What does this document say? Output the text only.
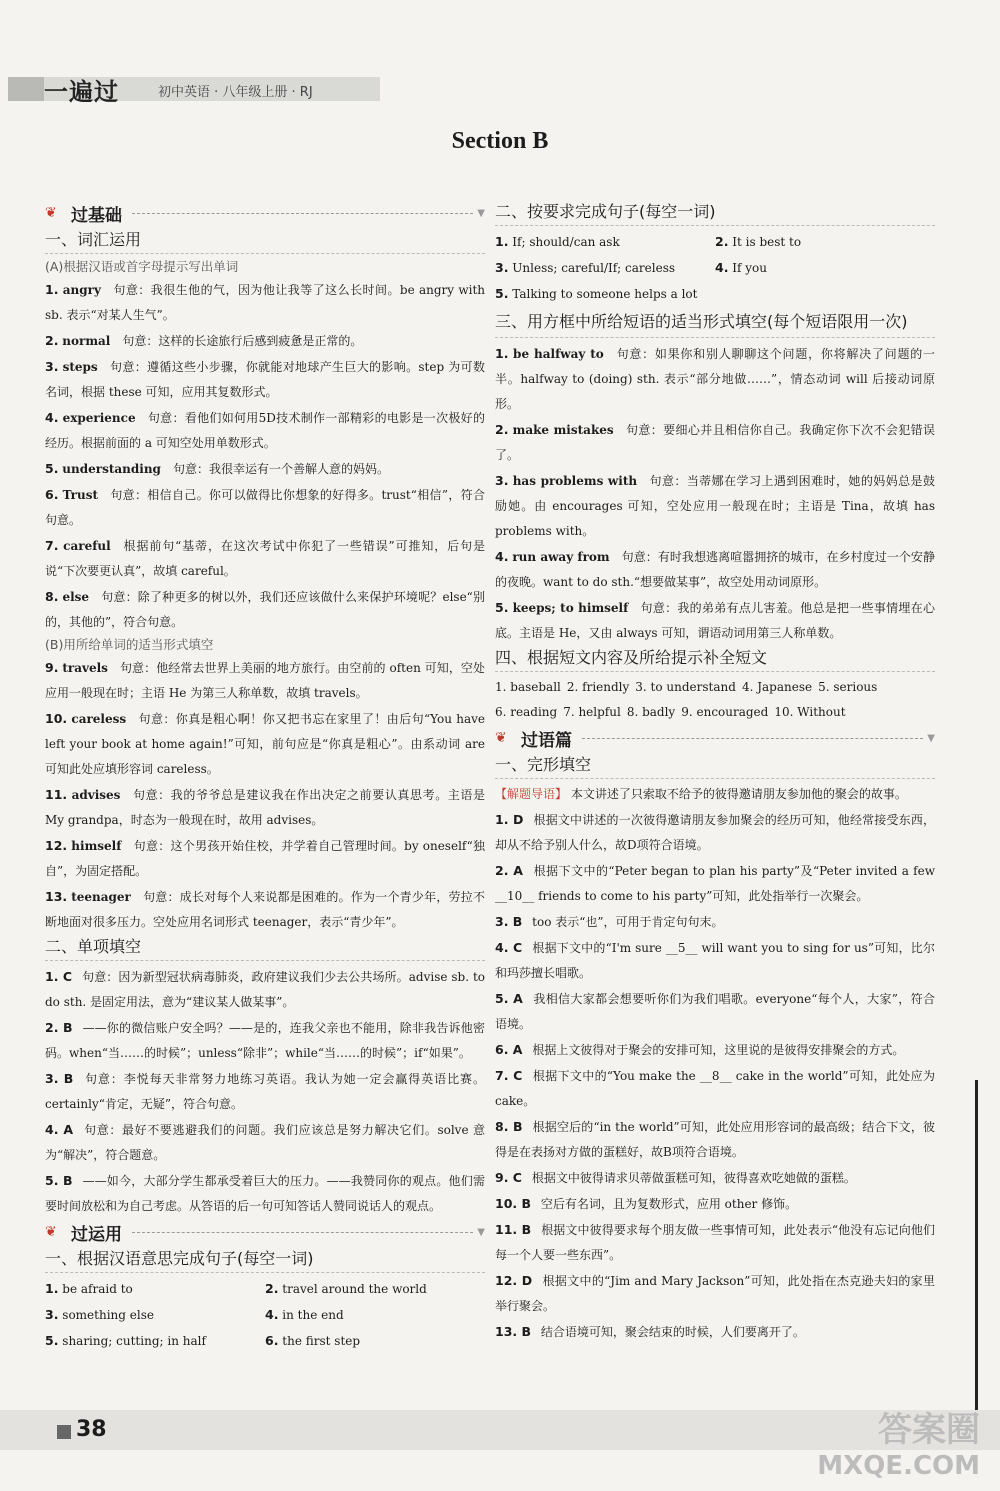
一遍过	初中英语 · 八年级上册 · RJ
Section B
❦ 过基础	▼
一、词汇运用
(A)根据汉语或首字母提示写出单词
1. angry  句意：我很生他的气，因为他让我等了这么长时间。be angry with sb. 表示“对某人生气”。
2. normal  句意：这样的长途旅行后感到疲惫是正常的。
3. steps  句意：遵循这些小步骤，你就能对地球产生巨大的影响。step 为可数名词，根据 these 可知，应用其复数形式。
4. experience  句意：看他们如何用5D技术制作一部精彩的电影是一次极好的经历。根据前面的 a 可知空处用单数形式。
5. understanding  句意：我很幸运有一个善解人意的妈妈。
6. Trust  句意：相信自己。你可以做得比你想象的好得多。trust“相信”，符合句意。
7. careful  根据前句“基蒂，在这次考试中你犯了一些错误”可推知，后句是说“下次要更认真”，故填 careful。
8. else  句意：除了种更多的树以外，我们还应该做什么来保护环境呢？else“别的，其他的”，符合句意。
(B)用所给单词的适当形式填空
9. travels  句意：他经常去世界上美丽的地方旅行。由空前的 often 可知，空处应用一般现在时；主语 He 为第三人称单数，故填 travels。
10. careless  句意：你真是粗心啊！你又把书忘在家里了！由后句“You have left your book at home again!”可知，前句应是“你真是粗心”。由系动词 are 可知此处应填形容词 careless。
11. advises  句意：我的爷爷总是建议我在作出决定之前要认真思考。主语是 My grandpa，时态为一般现在时，故用 advises。
12. himself  句意：这个男孩开始住校，并学着自己管理时间。by oneself“独自”，为固定搭配。
13. teenager  句意：成长对每个人来说都是困难的。作为一个青少年，劳拉不断地面对很多压力。空处应用名词形式 teenager，表示“青少年”。
二、单项填空
1. C   句意：因为新型冠状病毒肺炎，政府建议我们少去公共场所。advise sb. to do sth. 是固定用法，意为“建议某人做某事”。
2. B   ——你的微信账户安全吗？——是的，连我父亲也不能用，除非我告诉他密码。when“当……的时候”；unless“除非”；while“当……的时候”；if“如果”。
3. B   句意：李悦每天非常努力地练习英语。我认为她一定会赢得英语比赛。certainly“肯定，无疑”，符合句意。
4. A   句意：最好不要逃避我们的问题。我们应该总是努力解决它们。solve 意为“解决”，符合题意。
5. B   ——如今，大部分学生都承受着巨大的压力。——我赞同你的观点。他们需要时间放松和为自己考虑。从答语的后一句可知答话人赞同说话人的观点。
❦ 过运用	▼
一、根据汉语意思完成句子(每空一词)
1. be afraid to	2. travel around the world
3. something else	4. in the end
5. sharing; cutting; in half	6. the first step
二、按要求完成句子(每空一词)
1. If; should/can ask	2. It is best to
3. Unless; careful/If; careless	4. If you
5. Talking to someone helps a lot
三、用方框中所给短语的适当形式填空(每个短语限用一次)
1. be halfway to  句意：如果你和别人聊聊这个问题，你将解决了问题的一半。halfway to (doing) sth. 表示“部分地做……”，情态动词 will 后接动词原形。
2. make mistakes  句意：要细心并且相信你自己。我确定你下次不会犯错误了。
3. has problems with  句意：当蒂娜在学习上遇到困难时，她的妈妈总是鼓励她。由 encourages 可知，空处应用一般现在时；主语是 Tina，故填 has problems with。
4. run away from  句意：有时我想逃离喧嚣拥挤的城市，在乡村度过一个安静的夜晚。want to do sth.“想要做某事”，故空处用动词原形。
5. keeps; to himself  句意：我的弟弟有点儿害羞。他总是把一些事情埋在心底。主语是 He，又由 always 可知，谓语动词用第三人称单数。
四、根据短文内容及所给提示补全短文
1. baseball 2. friendly 3. to understand 4. Japanese 5. serious
6. reading 7. helpful 8. badly 9. encouraged 10. Without
❦ 过语篇	▼
一、完形填空
【解题导语】 本文讲述了只索取不给予的彼得邀请朋友参加他的聚会的故事。
1. D   根据文中讲述的一次彼得邀请朋友参加聚会的经历可知，他经常接受东西，却从不给予别人什么，故D项符合语境。
2. A   根据下文中的“Peter began to plan his party”及“Peter invited a few __10__ friends to come to his party”可知，此处指举行一次聚会。
3. B   too 表示“也”，可用于肯定句句末。
4. C   根据下文中的“I'm sure __5__ will want you to sing for us”可知，比尔和玛莎擅长唱歌。
5. A   我相信大家都会想要听你们为我们唱歌。everyone“每个人，大家”，符合语境。
6. A   根据上文彼得对于聚会的安排可知，这里说的是彼得安排聚会的方式。
7. C   根据下文中的“You make the __8__ cake in the world”可知，此处应为 cake。
8. B   根据空后的“in the world”可知，此处应用形容词的最高级；结合下文，彼得是在表扬对方做的蛋糕好，故B项符合语境。
9. C   根据文中彼得请求贝蒂做蛋糕可知，彼得喜欢吃她做的蛋糕。
10. B   空后有名词，且为复数形式，应用 other 修饰。
11. B   根据文中彼得要求每个朋友做一些事情可知，此处表示“他没有忘记向他们每一个人要一些东西”。
12. D   根据文中的“Jim and Mary Jackson”可知，此处指在杰克逊夫妇的家里举行聚会。
13. B   结合语境可知，聚会结束的时候，人们要离开了。
38	答案圈
MXQE.COM
